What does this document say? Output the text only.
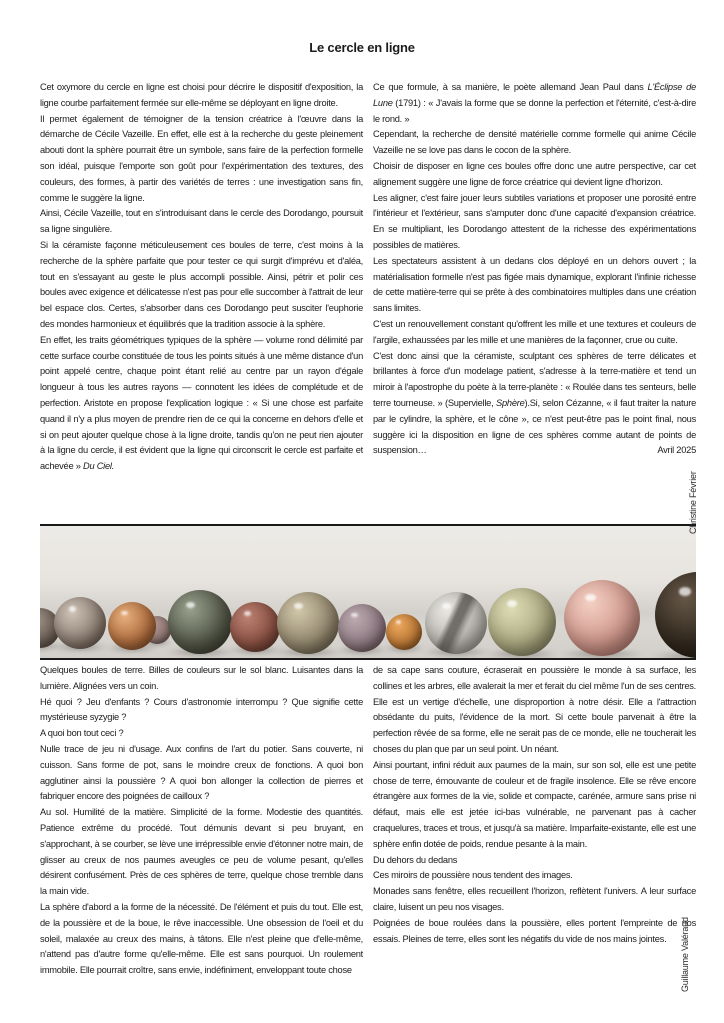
Le cercle en ligne

Cet oxymore du cercle en ligne est choisi pour décrire le dispositif d'exposition, la ligne courbe parfaitement fermée sur elle-même se déployant en ligne droite.

Il permet également de témoigner de la tension créatrice à l'œuvre dans la démarche de Cécile Vazeille. En effet, elle est à la recherche du geste pleinement abouti dont la sphère pourrait être un symbole, sans faire de la perfection formelle son idéal, puisque l'emporte son goût pour l'expérimentation des textures, des couleurs, des formes, à partir des variétés de terres : une investigation sans fin, comme le suggère la ligne.

Ainsi, Cécile Vazeille, tout en s'introduisant dans le cercle des Dorodango, poursuit sa ligne singulière.

Si la céramiste façonne méticuleusement ces boules de terre, c'est moins à la recherche de la sphère parfaite que pour tester ce qui surgit d'imprévu et d'aléa, tout en s'essayant au geste le plus accompli possible. Ainsi, pétrir et polir ces boules avec exigence et délicatesse n'est pas pour elle succomber à l'attrait de leur bel espace clos. Certes, s'absorber dans ces Dorodango peut susciter l'euphorie des mondes harmonieux et équilibrés que la tradition associe à la sphère.

En effet, les traits géométriques typiques de la sphère — volume rond délimité par cette surface courbe constituée de tous les points situés à une même distance d'un point appelé centre, chaque point étant relié au centre par un rayon d'égale longueur à tous les autres rayons — connotent les idées de complétude et de perfection. Aristote en propose l'explication logique : « Si une chose est parfaite quand il n'y a plus moyen de prendre rien de ce qui la concerne en dehors d'elle et si on peut ajouter quelque chose à la ligne droite, tandis qu'on ne peut rien ajouter à la ligne du cercle, il est évident que la ligne qui circonscrit le cercle est parfaite et achevée » Du Ciel.

Ce que formule, à sa manière, le poète allemand Jean Paul dans L'Éclipse de Lune (1791) : « J'avais la forme que se donne la perfection et l'éternité, c'est-à-dire le rond. »

Cependant, la recherche de densité matérielle comme formelle qui anime Cécile Vazeille ne se love pas dans le cocon de la sphère.

Choisir de disposer en ligne ces boules offre donc une autre perspective, car cet alignement suggère une ligne de force créatrice qui devient ligne d'horizon.

Les aligner, c'est faire jouer leurs subtiles variations et proposer une porosité entre l'intérieur et l'extérieur, sans s'amputer donc d'une capacité d'expansion créatrice. En se multipliant, les Dorodango attestent de la richesse des expérimentations possibles de matières.

Les spectateurs assistent à un dedans clos déployé en un dehors ouvert ; la matérialisation formelle n'est pas figée mais dynamique, explorant l'infinie richesse de cette matière-terre qui se prête à des combinatoires multiples dans une création sans limites.

C'est un renouvellement constant qu'offrent les mille et une textures et couleurs de l'argile, exhaussées par les mille et une manières de la façonner, crue ou cuite.

C'est donc ainsi que la céramiste, sculptant ces sphères de terre délicates et brillantes à force d'un modelage patient, s'adresse à la terre-matière et tend un miroir à l'apostrophe du poète à la terre-planète : « Roulée dans tes senteurs, belle terre tourneuse. » (Supervielle, Sphère).Si, selon Cézanne, « il faut traiter la nature par le cylindre, la sphère, et le cône », ce n'est peut-être pas le point final, nous suggère ici la disposition en ligne de ces sphères comme autant de points de suspension…	Avril 2025

Quelques boules de terre. Billes de couleurs sur le sol blanc. Luisantes dans la lumière. Alignées vers un coin.

Hé quoi ? Jeu d'enfants ? Cours d'astronomie interrompu ? Que signifie cette mystérieuse syzygie ?

A quoi bon tout ceci ?

Nulle trace de jeu ni d'usage. Aux confins de l'art du potier. Sans couverte, ni cuisson. Sans forme de pot, sans le moindre creux de fonctions. A quoi bon agglutiner ainsi la poussière ? A quoi bon allonger la collection de pierres et fabriquer encore des poignées de cailloux ?

Au sol. Humilité de la matière. Simplicité de la forme. Modestie des quantités. Patience extrême du procédé. Tout démunis devant si peu bruyant, en s'approchant, à se courber, se lève une irrépressible envie d'étonner notre main, de glisser au creux de nos paumes aveugles ce peu de volume pesant, qu'elles désirent confusément. Près de ces sphères de terre, quelque chose tremble dans la main vide.

La sphère d'abord a la forme de la nécessité. De l'élément et puis du tout. Elle est, de la poussière et de la boue, le rêve inaccessible. Une obsession de l'oeil et du soleil, malaxée au creux des mains, à tâtons. Elle n'est pleine que d'elle-même, n'attend pas d'autre forme qu'elle-même. Elle est sans pourquoi. Un roulement immobile. Elle pourrait croître, sans envie, indéfiniment, enveloppant toute chose

de sa cape sans couture, écraserait en poussière le monde à sa surface, les collines et les arbres, elle avalerait la mer et ferait du ciel même l'un de ses centres. Elle est un vertige d'échelle, une disproportion à notre désir. Elle a l'attraction obsédante du puits, l'évidence de la mort. Si cette boule parvenait à être la perfection rêvée de sa forme, elle ne serait pas de ce monde, elle ne toucherait les choses du plan que par un seul point. Un néant.

Ainsi pourtant, infini réduit aux paumes de la main, sur son sol, elle est une petite chose de terre, émouvante de couleur et de fragile insolence. Elle se rêve encore étrangère aux formes de la vie, solide et compacte, carénée, armure sans prise ni défaut, mais elle est jetée ici-bas vulnérable, ne parvenant pas à cacher craquelures, traces et trous, et jusqu'à sa matière. Imparfaite-existante, elle est une sphère enfin dotée de poids, rendue pesante à la main.

Du dehors du dedans

Ces miroirs de poussière nous tendent des images.

Monades sans fenêtre, elles recueillent l'horizon, reflètent l'univers. A leur surface claire, luisent un peu nos visages.

Poignées de boue roulées dans la poussière, elles portent l'empreinte de nos essais. Pleines de terre, elles sont les négatifs du vide de nos mains jointes.

Christine Février
Guillaume Valéraud
